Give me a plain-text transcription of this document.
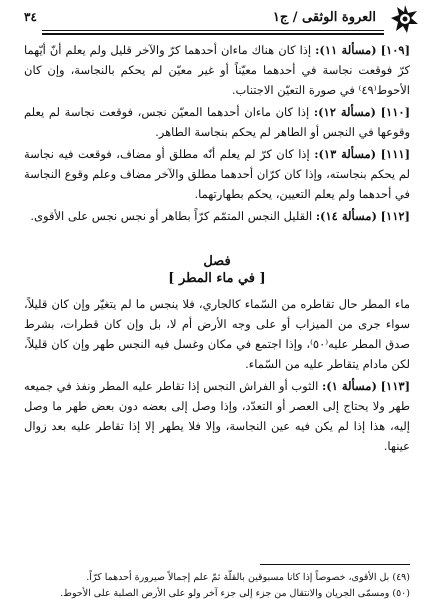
العروة الوثقى / ج١
٣٤

[١٠٩] (مسألة ١١): إذا كان هناك ماءان أحدهما كرّ والآخر قليل ولم يعلم أنّ أيّهما كرّ فوقعت نجاسة في أحدهما معيّناً أو غير معيّن لم يحكم بالنجاسة، وإن كان الأحوط⁽⁤٤٩⁾ في صورة التعيّن الاجتناب.

[١١٠] (مسألة ١٢): إذا كان ماءان أحدهما المعيّن نجس، فوقعت نجاسة لم يعلم وقوعها في النجس أو الطاهر لم يحكم بنجاسة الطاهر.

[١١١] (مسألة ١٣): إذا كان كرّ لم يعلم أنّه مطلق أو مضاف، فوقعت فيه نجاسة لم يحكم بنجاسته، وإذا كان كرّان أحدهما مطلق والآخر مضاف وعلم وقوع النجاسة في أحدهما ولم يعلم التعيين، يحكم بطهارتهما.

[١١٢] (مسألة ١٤): القليل النجس المتمّم كرّاً بطاهر أو نجس نجس على الأقوى.

فصل
[ في ماء المطر ]

ماء المطر حال تقاطره من السّماء كالجاري، فلا ينجس ما لم يتغيّر وإن كان قليلاً، سواء جرى من الميزاب أو على وجه الأرض أم لا، بل وإن كان قطرات، بشرط صدق المطر عليه⁽٥٠⁾، وإذا اجتمع في مكان وغسل فيه النجس طهر وإن كان قليلاً، لكن مادام يتقاطر عليه من السّماء.

[١١٣] (مسألة ١): الثوب أو الفراش النجس إذا تقاطر عليه المطر ونفذ في جميعه طهر ولا يحتاج إلى العصر أو التعدّد، وإذا وصل إلى بعضه دون بعض طهر ما وصل إليه، هذا إذا لم يكن فيه عين النجاسة، وإلا فلا يطهر إلا إذا تقاطر عليه بعد زوال عينها.

(٤٩) بل الأقوى، خصوصاً إذا كانا مسبوقين بالقلّة ثمّ علم إجمالاً صيرورة أحدهما كرّاً.

(٥٠) ومسمّى الجريان والانتقال من جزء إلى جزء آخر ولو على الأرض الصلبة على الأحوط.
